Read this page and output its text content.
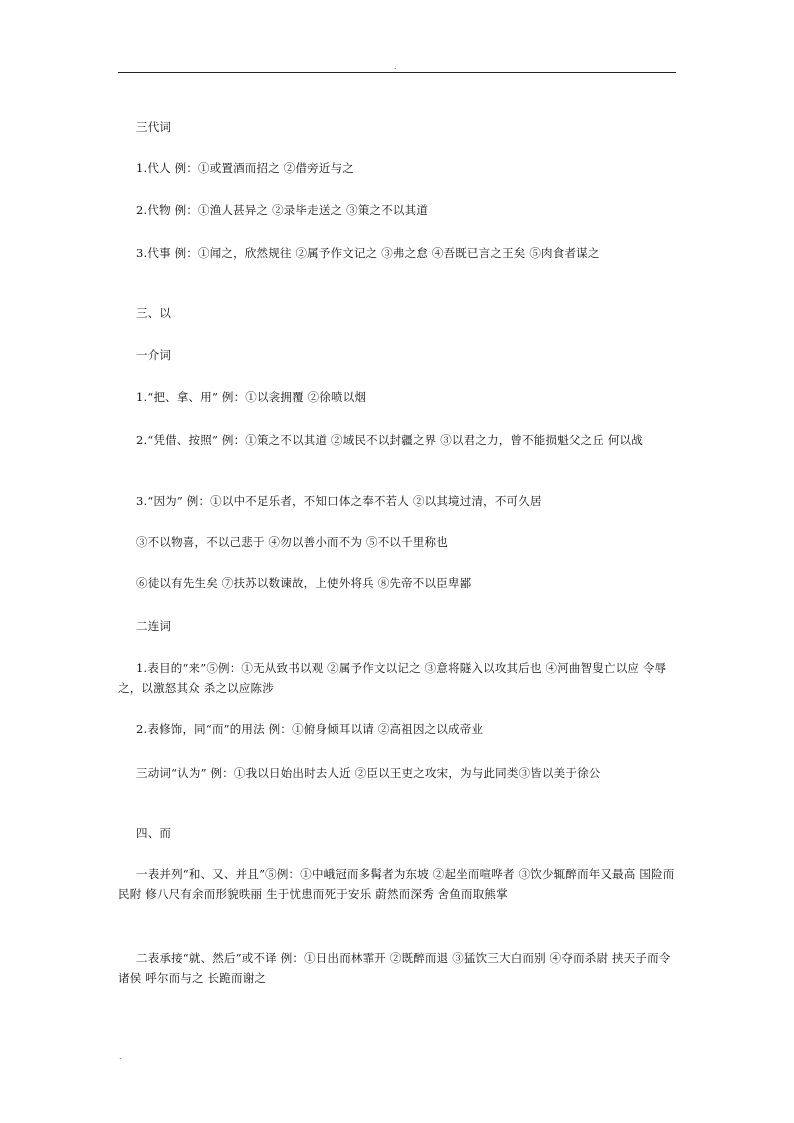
.
三代词
1.代人 例：①或置酒而招之 ②借旁近与之
2.代物 例：①渔人甚异之 ②录毕走送之 ③策之不以其道
3.代事 例：①闻之，欣然规往 ②属予作文记之 ③弗之怠 ④吾既已言之王矣 ⑤肉食者谋之
三、以
一介词
1.“把、拿、用” 例：①以衾拥覆 ②徐喷以烟
2.“凭借、按照” 例：①策之不以其道 ②域民不以封疆之界 ③以君之力，曾不能损魁父之丘 何以战
3.“因为” 例：①以中不足乐者，不知口体之奉不若人 ②以其境过清，不可久居
③不以物喜，不以己悲于 ④勿以善小而不为 ⑤不以千里称也
⑥徒以有先生矣 ⑦扶苏以数谏故，上使外将兵 ⑧先帝不以臣卑鄙
二连词
1.表目的“来”⑤例：①无从致书以观 ②属予作文以记之 ③意将隧入以攻其后也 ④河曲智叟亡以应 令辱之，以激怒其众 杀之以应陈涉
2.表修饰，同“而”的用法 例：①俯身倾耳以请 ②高祖因之以成帝业
三动词“认为” 例：①我以日始出时去人近 ②臣以王吏之攻宋，为与此同类③皆以美于徐公
四、而
一表并列“和、又、并且”⑤例：①中峨冠而多髯者为东坡 ②起坐而喧哗者 ③饮少辄醉而年又最高 国险而民附 修八尺有余而形貌昳丽 生于忧患而死于安乐 蔚然而深秀 舍鱼而取熊掌
二表承接“就、然后”或不译 例：①日出而林霏开 ②既醉而退 ③猛饮三大白而别 ④夺而杀尉 挟天子而令诸侯 呼尔而与之 长跪而谢之
.
